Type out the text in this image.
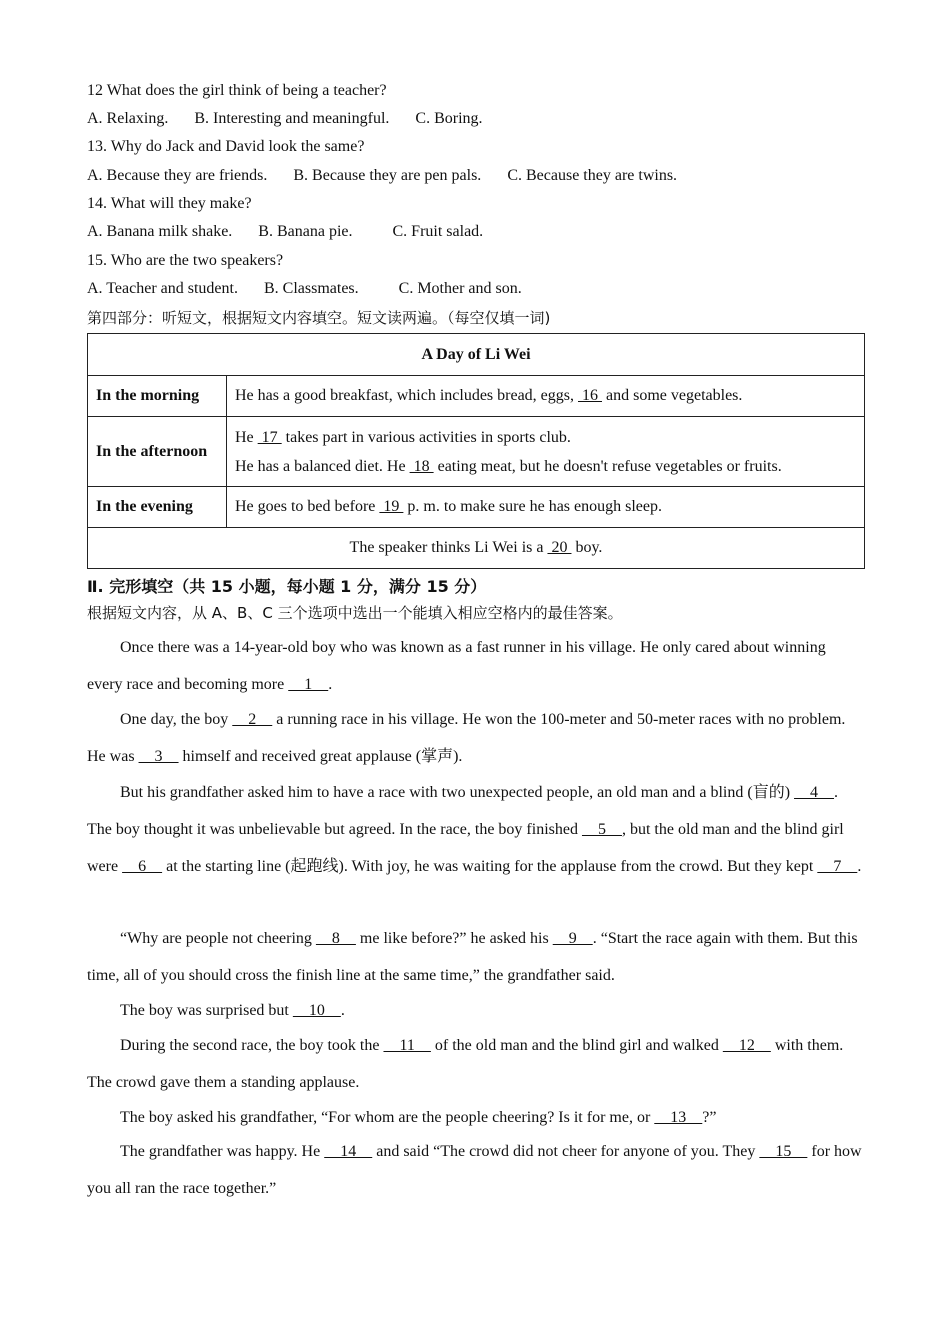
12 What does the girl think of being a teacher?
A. Relaxing. B. Interesting and meaningful. C. Boring.
13. Why do Jack and David look the same?
A. Because they are friends. B. Because they are pen pals. C. Because they are twins.
14. What will they make?
A. Banana milk shake. B. Banana pie.	C. Fruit salad.
15. Who are the two speakers?
A. Teacher and student. B. Classmates.	C. Mother and son.
第四部分：听短文，根据短文内容填空。短文读两遍。（每空仅填一词)
A Day of Li Wei	
In the morning	He has a good breakfast, which includes bread, eggs,  16  and some vegetables.
In the afternoon	He  17  takes part in various activities in sports club.
He has a balanced diet. He  18  eating meat, but he doesn't refuse vegetables or fruits.

In the evening	He goes to bed before  19  p. m. to make sure he has enough sleep.
The speaker thinks Li Wei is a  20  boy.	
Ⅱ. 完形填空（共 15 小题，每小题 1 分，满分 15 分）
根据短文内容，从 A、B、C 三个选项中选出一个能填入相应空格内的最佳答案。
Once there was a 14-year-old boy who was known as a fast runner in his village. He only cared about winning every race and becoming more     1    .
One day, the boy     2     a running race in his village. He won the 100-meter and 50-meter races with no problem. He was     3     himself and received great applause (掌声).
But his grandfather asked him to have a race with two unexpected people, an old man and a blind (盲的)     4    . The boy thought it was unbelievable but agreed. In the race, the boy finished     5    , but the old man and the blind girl were     6     at the starting line (起跑线). With joy, he was waiting for the applause from the crowd. But they kept     7    .
“Why are people not cheering     8     me like before?” he asked his     9    . “Start the race again with them. But this time, all of you should cross the finish line at the same time,” the grandfather said.
The boy was surprised but     10    .
During the second race, the boy took the     11     of the old man and the blind girl and walked     12     with them. The crowd gave them a standing applause.
The boy asked his grandfather, “For whom are the people cheering? Is it for me, or     13    ?”
The grandfather was happy. He     14     and said “The crowd did not cheer for anyone of you. They     15     for how you all ran the race together.”
